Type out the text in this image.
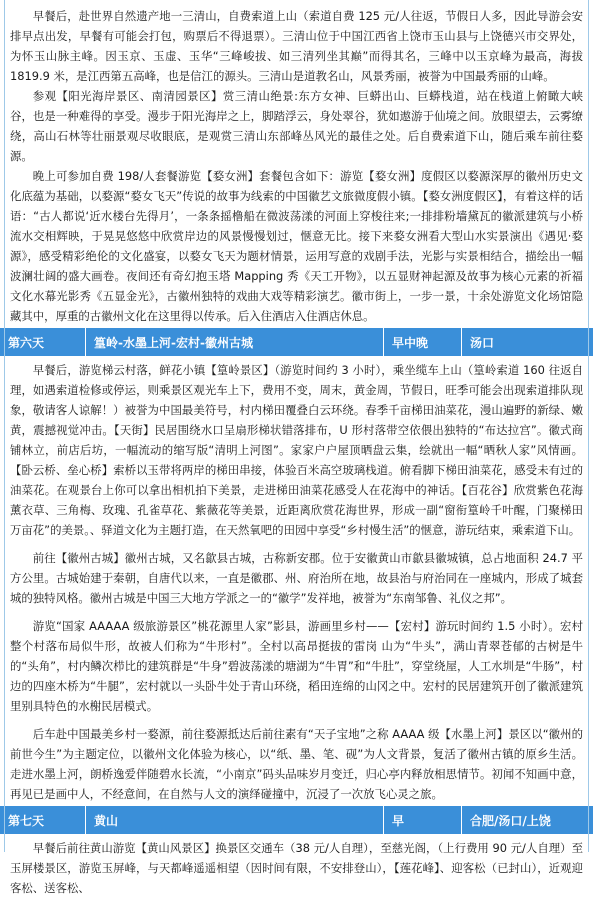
早餐后，赴世界自然遗产地一三清山，自费索道上山（索道自费 125 元/人往返，节假日人多，因此导游会安排早点出发，早餐有可能会打包，购票后不得退票）。三清山位于中国江西省上饶市玉山县与上饶德兴市交界处，为怀玉山脉主峰。因玉京、玉虚、玉华“三峰峻拔、如三清列坐其巅”而得其名，三峰中以玉京峰为最高，海拔 1819.9 米，是江西第五高峰，也是信江的源头。三清山是道教名山，风景秀丽，被誉为中国最秀丽的山峰。

参观【阳光海岸景区、南清园景区】赏三清山绝景:东方女神、巨蟒出山、巨蟒栈道，站在栈道上俯瞰大峡谷，也是一种难得的享受。漫步于阳光海岸之上，脚踏浮云，身处翠谷，犹如遨游于仙境之间。放眼望去，云雾缭绕，高山石林等壮丽景观尽收眼底，是观赏三清山东部峰丛风光的最佳之处。后自费索道下山，随后乘车前往婺源。

晚上可参加自费 198/人套餐游览【婺女洲】套餐包含如下：游览【婺女洲】度假区以婺源深厚的徽州历史文化底蕴为基础，以婺源“婺女飞天”传说的故事为线索的中国徽艺文旅微度假小镇。【婺女洲度假区】，有着这样的话语：“古人都说‘近水楼台先得月’，一条条摇橹船在微波荡漾的河面上穿梭往来;一排排粉墙黛瓦的徽派建筑与小桥流水交相辉映，于晃晃悠悠中欣赏岸边的风景慢慢划过，惬意无比。接下来婺女洲看大型山水实景演出《遇见·婺源》，感受精彩绝伦的文化盛宴，以婺女飞天为题材情景，运用写意的戏剧手法，光影与实景相结合，描绘出一幅波澜壮阔的盛大画卷。夜间还有奇幻抱玉塔 Mapping 秀《天工开物》，以五显财神起源及故事为核心元素的祈福文化水幕光影秀《五显金光》，古徽州独特的戏曲大戏等精彩演艺。徽市街上，一步一景，十余处游览文化场馆隐藏其中，厚重的古徽州文化在这里得以传承。后入住酒店入住酒店休息。

第六天	篁岭-水墨上河-宏村-徽州古城	早中晚	汤口

早餐后，游览梯云村落，鲜花小镇【篁岭景区】（游览时间约 3 小时），乘坐缆车上山（篁岭索道 160 往返自理，如遇索道检修或停运，则乘景区观光车上下，费用不变，周末，黄金周，节假日，旺季可能会出现索道排队现象，敬请客人谅解！）被誉为中国最美符号，村内梯田覆叠白云环绕。春季千亩梯田油菜花，漫山遍野的新绿、嫩黄，震撼视觉冲击。【天街】民居围绕水口呈扇形梯状错落排布，U 形村落带空依偎出独特的“布达拉宫”。徽式商铺林立，前店后坊，一幅流动的缩写版“清明上河图”。家家户户屋顶晒盘云集，绘就出一幅“晒秋人家”风情画。【卧云桥、垒心桥】索桥以玉带将两岸的梯田串接，体验百米高空玻璃栈道。俯看脚下梯田油菜花，感受未有过的油菜花。在观景台上你可以拿出相机拍下美景，走进梯田油菜花感受人在花海中的神话。【百花谷】欣赏紫色花海薰衣草、三角梅、玫瑰、孔雀草花、紫薇花等美景，近距离欣赏花海世界，形成一副“窗衔篁岭千叶醒，门聚梯田万亩花”的美景。、驿道文化为主题打造，在天然氧吧的田园中享受“乡村慢生活”的惬意，游玩结束，乘索道下山。

前往【徽州古城】徽州古城，又名歙县古城，古称新安郡。位于安徽黄山市歙县徽城镇，总占地面积 24.7 平方公里。古城始建于秦朝，自唐代以来，一直是徽郡、州、府治所在地，故县治与府治同在一座城内，形成了城套城的独特风格。徽州古城是中国三大地方学派之一的“徽学”发祥地，被誉为“东南邹鲁、礼仪之邦”。

游览“国家 AAAAA 级旅游景区”桃花源里人家”影县，游画里乡村——【宏村】游玩时间约 1.5 小时）。宏村整个村落布局似牛形，故被人们称为“牛形村”。全村以高昂挺拔的雷岗 山为“牛头”，满山青翠苍郁的古树是牛的“头角”，村内鳞次栉比的建筑群是“牛身”碧波荡漾的塘湖为“牛胃”和“牛肚”，穿堂绕屋，人工水圳是“牛肠”，村边的四座木桥为“牛腿”，宏村就以一头卧牛处于青山环绕，稻田连绵的山冈之中。宏村的民居建筑开创了徽派建筑里别具特色的水榭民居模式。

后车赴中国最美乡村一婺源，前往婺源抵达后前往素有“天子宝地”之称 AAAA 级【水墨上河】景区以“徽州的前世今生”为主题定位，以徽州文化体验为核心，以“纸、墨、笔、砚”为人文背景，复活了徽州古镇的原乡生活。走进水墨上河，朗桥逸爱伴随碧水长流，“小南京”码头品味岁月变迁，归心亭内释放相思情节。初闻不知画中意，再见已是画中人，不经意间，在自然与人文的演绎碰撞中，沉浸了一次放飞心灵之旅。

第七天	黄山	早	合肥/汤口/上饶

早餐后前往黄山游览【黄山风景区】换景区交通车（38 元/人自理），至慈光阁，（上行费用 90 元/人自理）至玉屏楼景区，游览玉屏峰，与天都峰遥遥相望（因时间有限，不安排登山），【莲花峰】、迎客松（已封山），近观迎客松、送客松、
